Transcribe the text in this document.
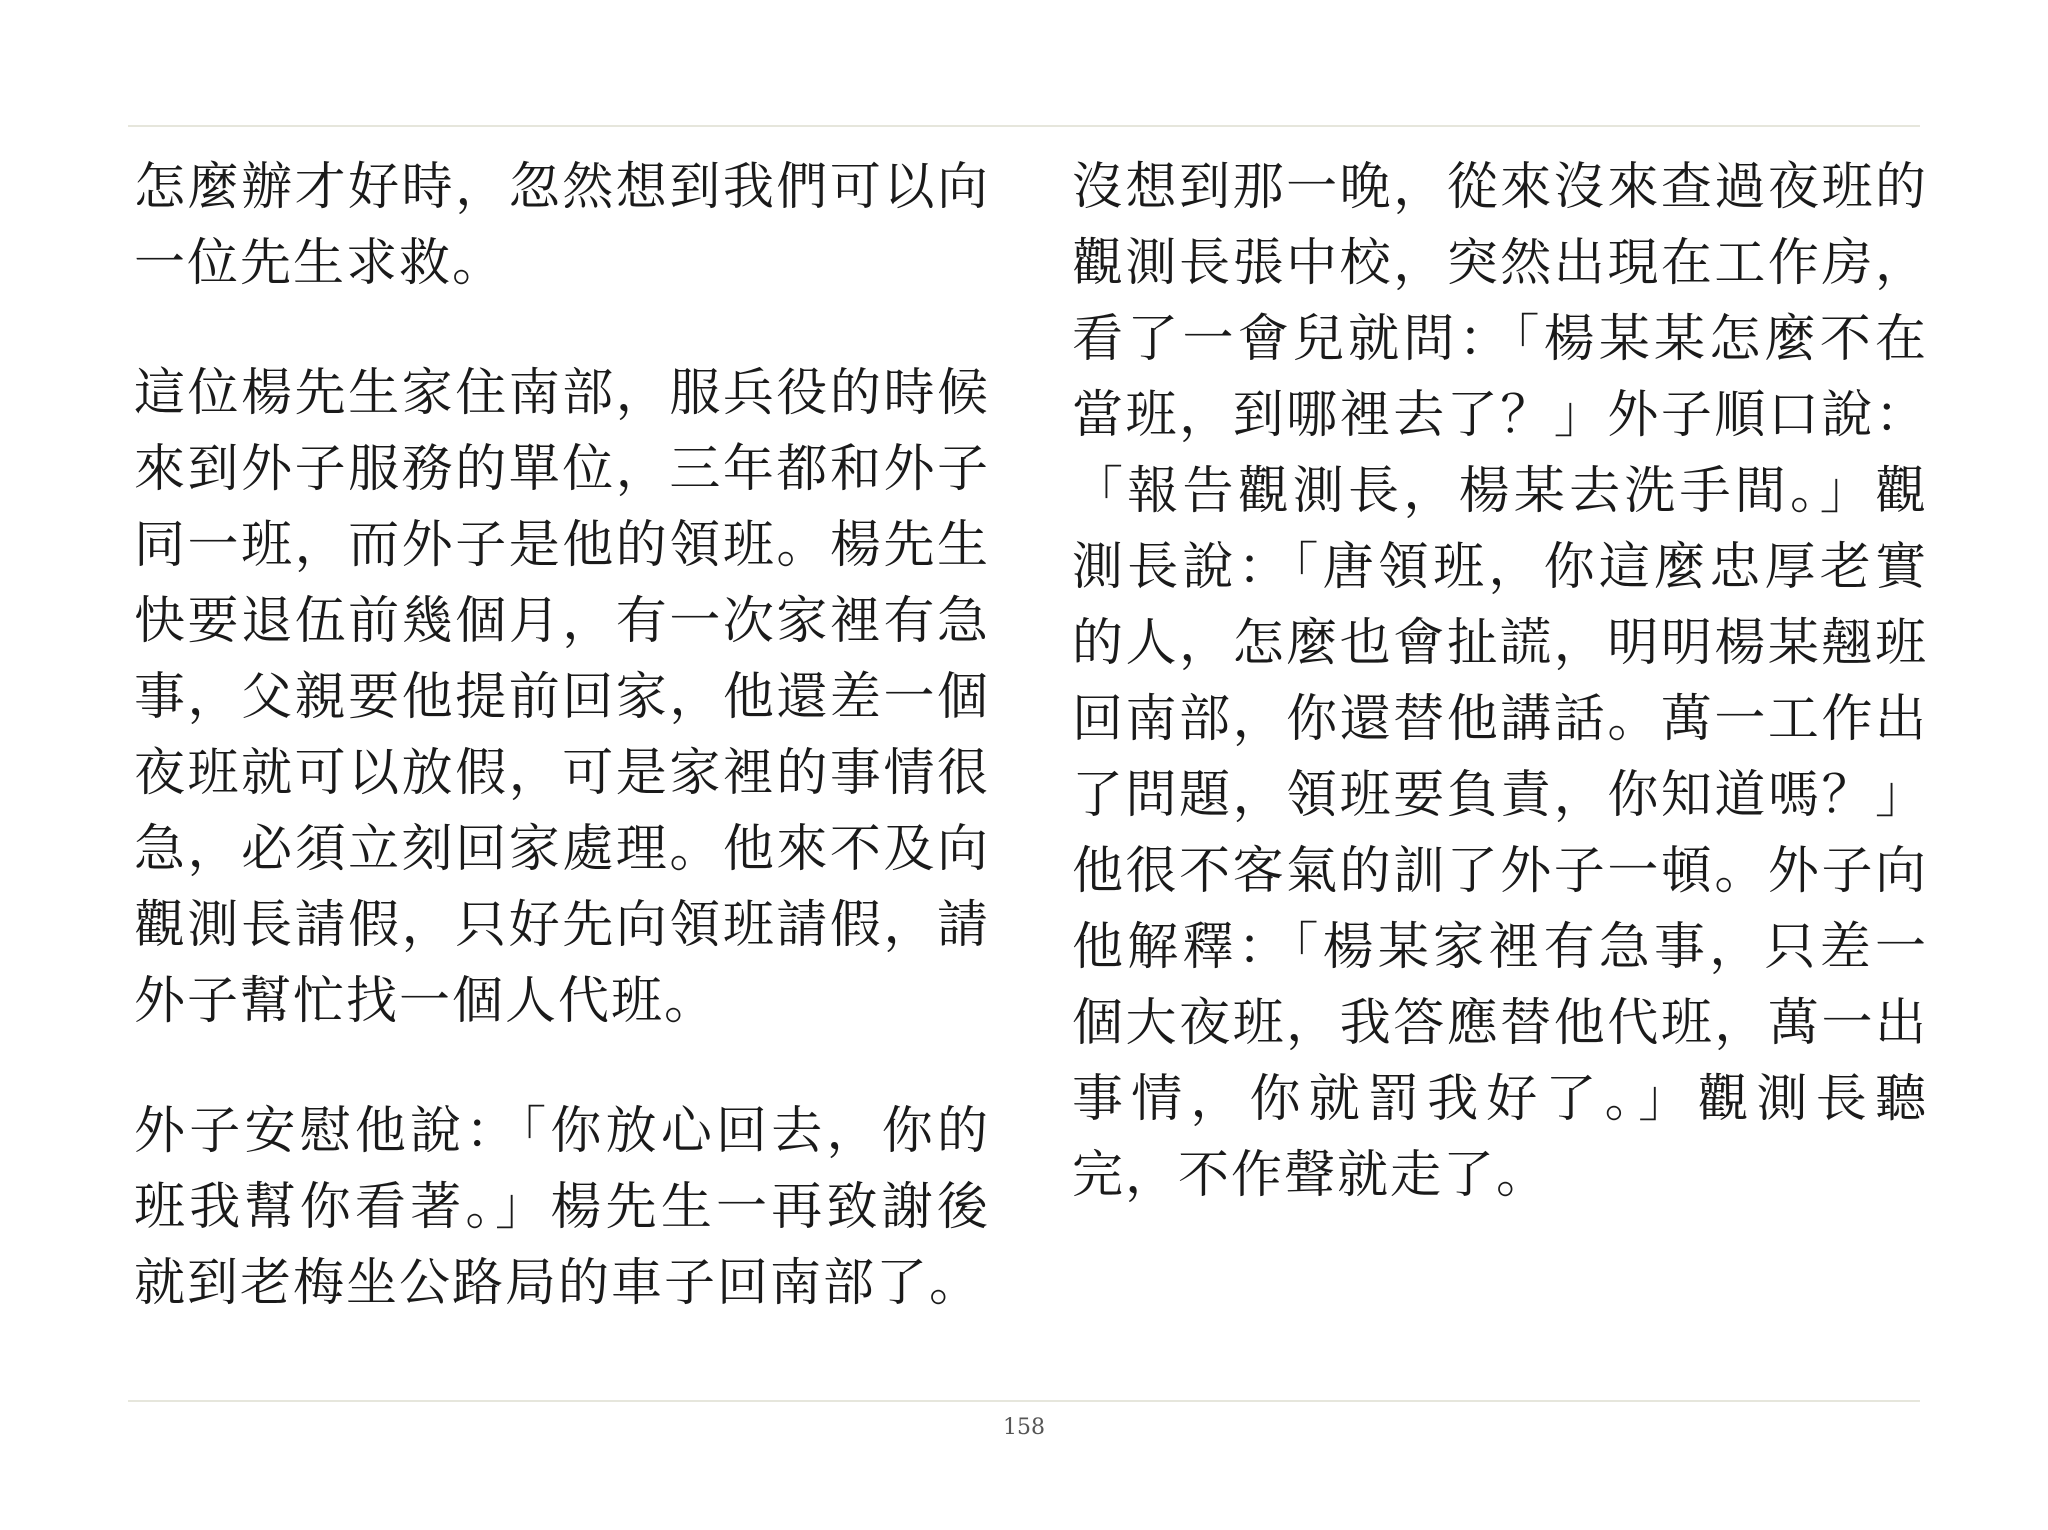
怎麼辦才好時，忽然想到我們可以向一位先生求救。

這位楊先生家住南部，服兵役的時候來到外子服務的單位，三年都和外子同一班，而外子是他的領班。楊先生快要退伍前幾個月，有一次家裡有急事，父親要他提前回家，他還差一個夜班就可以放假，可是家裡的事情很急，必須立刻回家處理。他來不及向觀測長請假，只好先向領班請假，請外子幫忙找一個人代班。

外子安慰他說：「你放心回去，你的班我幫你看著。」楊先生一再致謝後就到老梅坐公路局的車子回南部了。

沒想到那一晚，從來沒來查過夜班的觀測長張中校，突然出現在工作房，看了一會兒就問：「楊某某怎麼不在當班，到哪裡去了？」外子順口說：「報告觀測長，楊某去洗手間。」觀測長說：「唐領班，你這麼忠厚老實的人，怎麼也會扯謊，明明楊某翹班回南部，你還替他講話。萬一工作出了問題，領班要負責，你知道嗎？」他很不客氣的訓了外子一頓。外子向他解釋：「楊某家裡有急事，只差一個大夜班，我答應替他代班，萬一出事情，你就罰我好了。」觀測長聽完，不作聲就走了。

158
